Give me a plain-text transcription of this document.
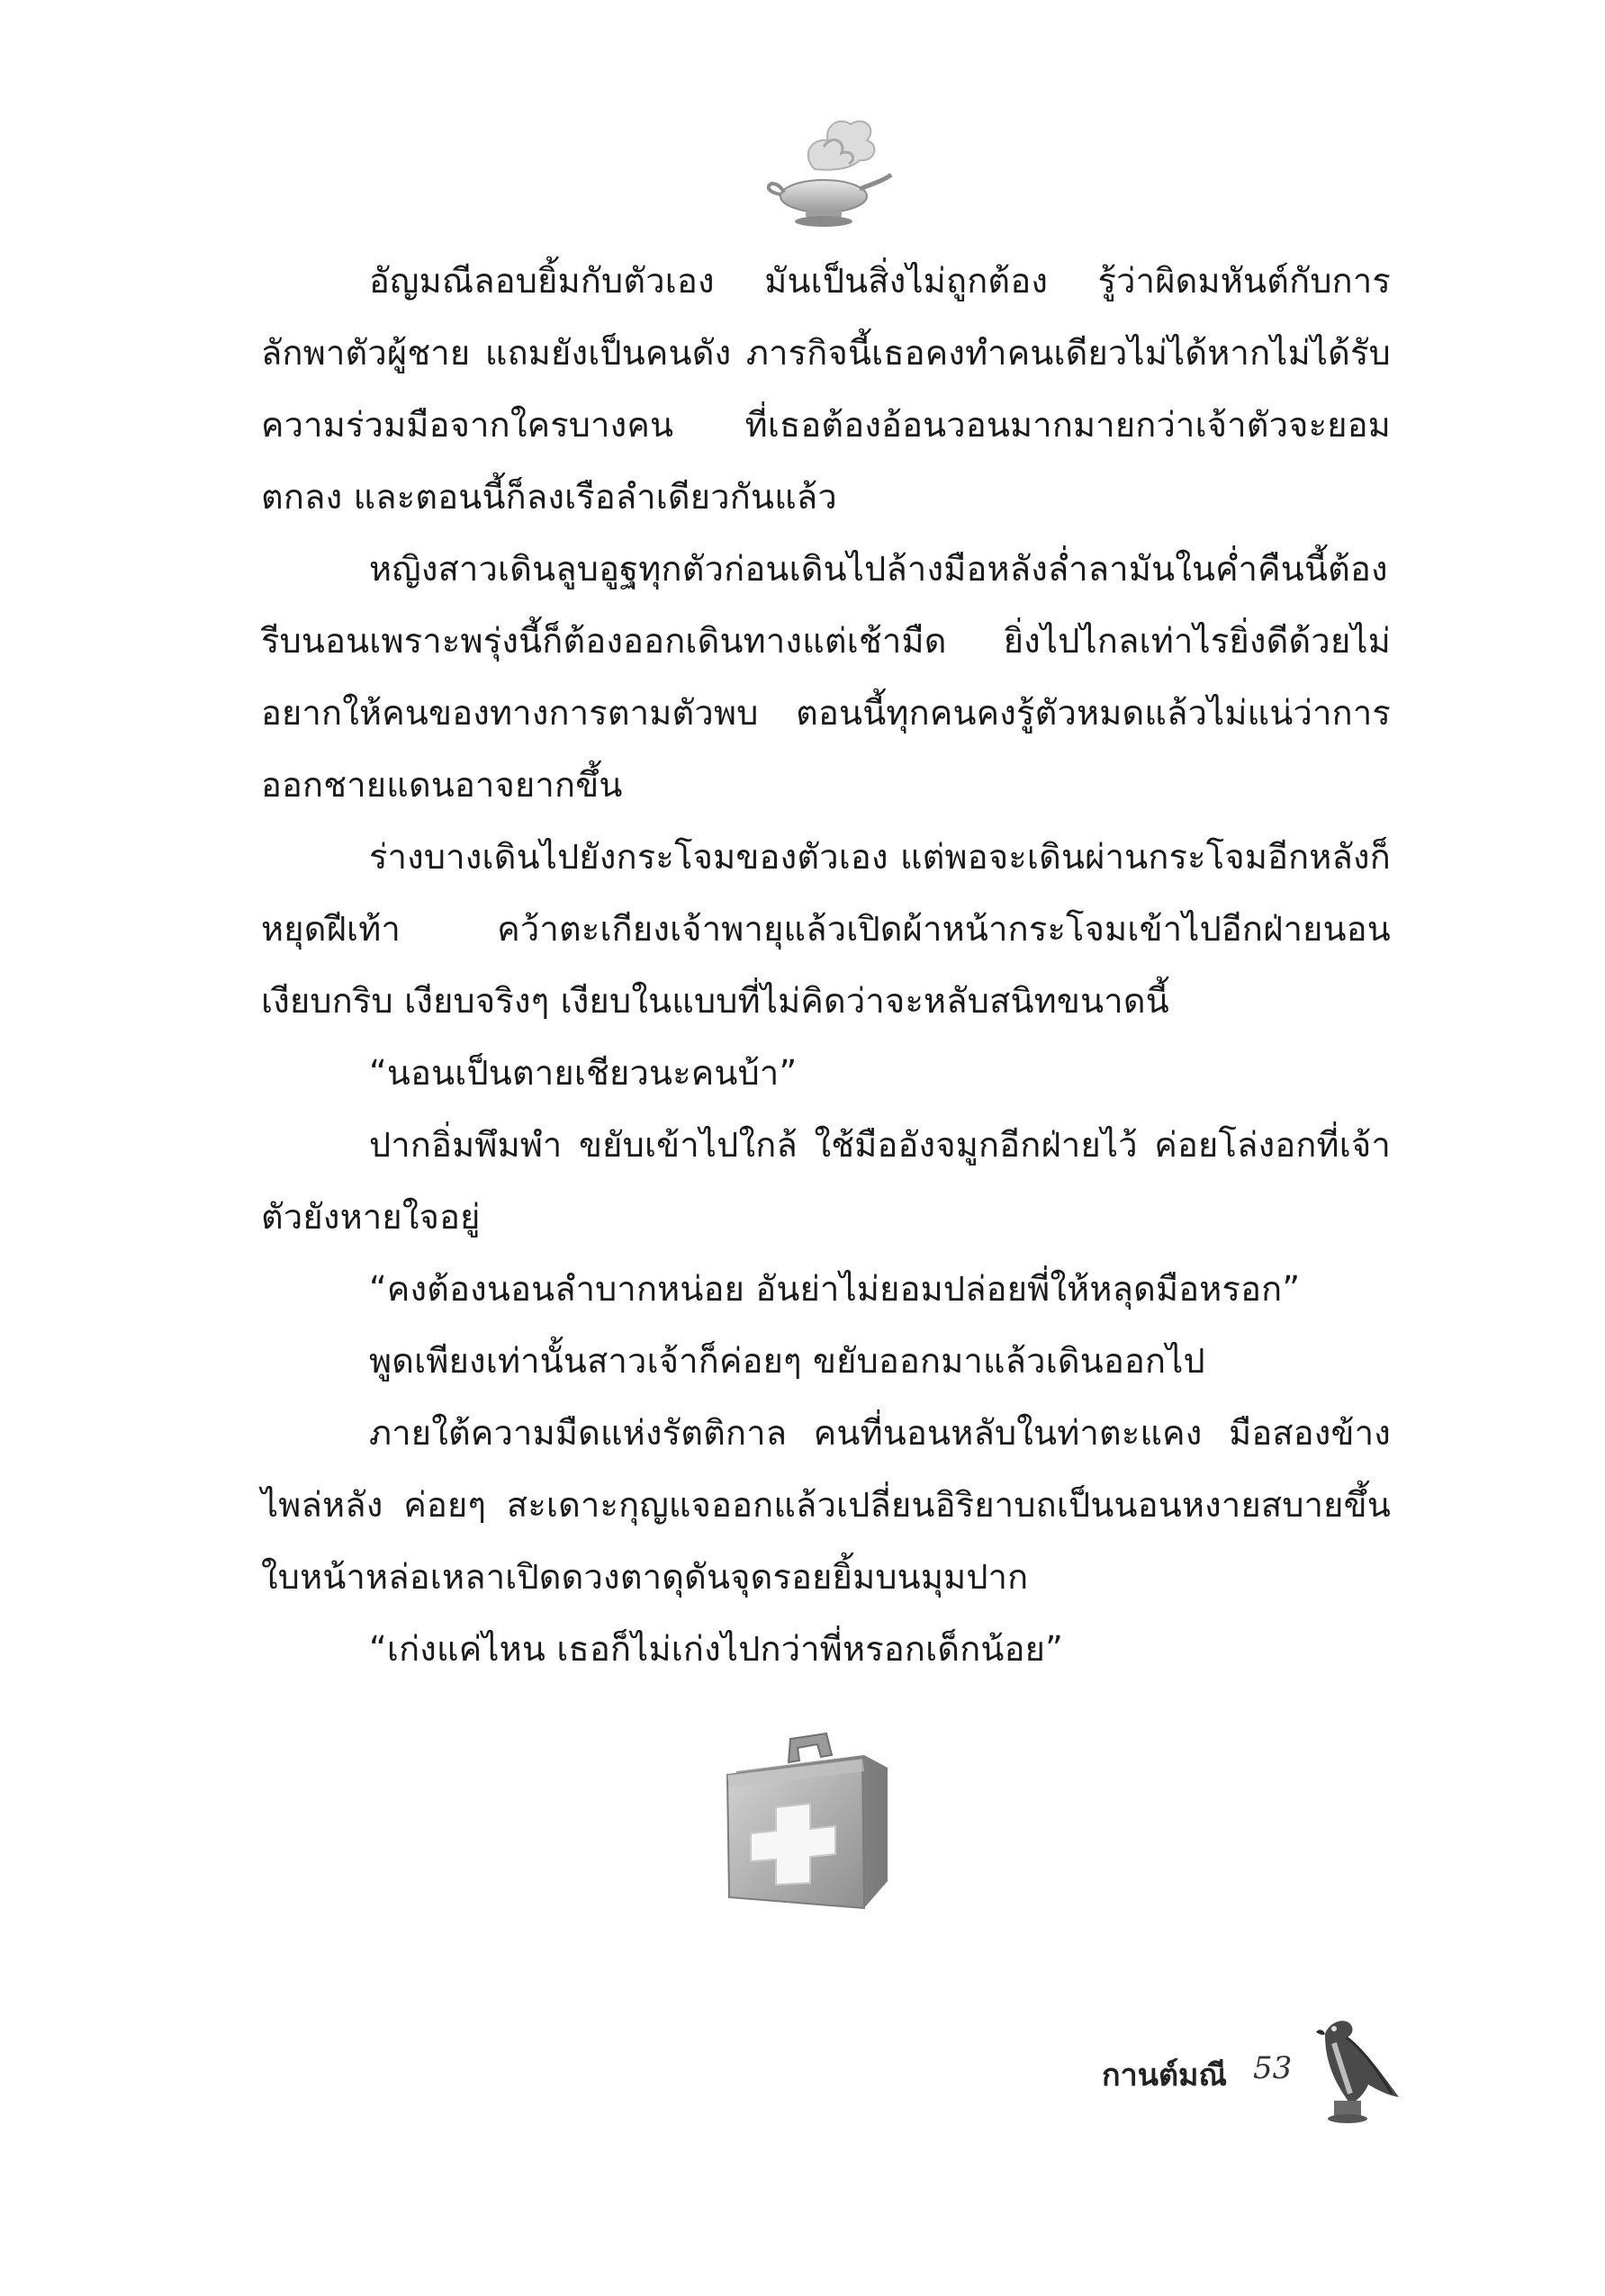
อัญมณีลอบยิ้มกับตัวเอง มันเป็นสิ่งไม่ถูกต้อง รู้ว่าผิดมหันต์กับการลักพาตัวผู้ชาย แถมยังเป็นคนดัง ภารกิจนี้เธอคงทำคนเดียวไม่ได้หากไม่ได้รับความร่วมมือจากใครบางคน ที่เธอต้องอ้อนวอนมากมายกว่าเจ้าตัวจะยอมตกลง และตอนนี้ก็ลงเรือลำเดียวกันแล้ว

หญิงสาวเดินลูบอูฐทุกตัวก่อนเดินไปล้างมือหลังล่ำลามันในค่ำคืนนี้ต้องรีบนอนเพราะพรุ่งนี้ก็ต้องออกเดินทางแต่เช้ามืด ยิ่งไปไกลเท่าไรยิ่งดีด้วยไม่อยากให้คนของทางการตามตัวพบ ตอนนี้ทุกคนคงรู้ตัวหมดแล้วไม่แน่ว่าการออกชายแดนอาจยากขึ้น

ร่างบางเดินไปยังกระโจมของตัวเอง แต่พอจะเดินผ่านกระโจมอีกหลังก็หยุดฝีเท้า คว้าตะเกียงเจ้าพายุแล้วเปิดผ้าหน้ากระโจมเข้าไปอีกฝ่ายนอนเงียบกริบ เงียบจริงๆ เงียบในแบบที่ไม่คิดว่าจะหลับสนิทขนาดนี้

“นอนเป็นตายเชียวนะคนบ้า”

ปากอิ่มพึมพำ ขยับเข้าไปใกล้ ใช้มืออังจมูกอีกฝ่ายไว้ ค่อยโล่งอกที่เจ้าตัวยังหายใจอยู่

“คงต้องนอนลำบากหน่อย อันย่าไม่ยอมปล่อยพี่ให้หลุดมือหรอก”

พูดเพียงเท่านั้นสาวเจ้าก็ค่อยๆ ขยับออกมาแล้วเดินออกไป

ภายใต้ความมืดแห่งรัตติกาล คนที่นอนหลับในท่าตะแคง มือสองข้างไพล่หลัง ค่อยๆ สะเดาะกุญแจออกแล้วเปลี่ยนอิริยาบถเป็นนอนหงายสบายขึ้น ใบหน้าหล่อเหลาเปิดดวงตาดุดันจุดรอยยิ้มบนมุมปาก

“เก่งแค่ไหน เธอก็ไม่เก่งไปกว่าพี่หรอกเด็กน้อย”

กานต์มณี 53
